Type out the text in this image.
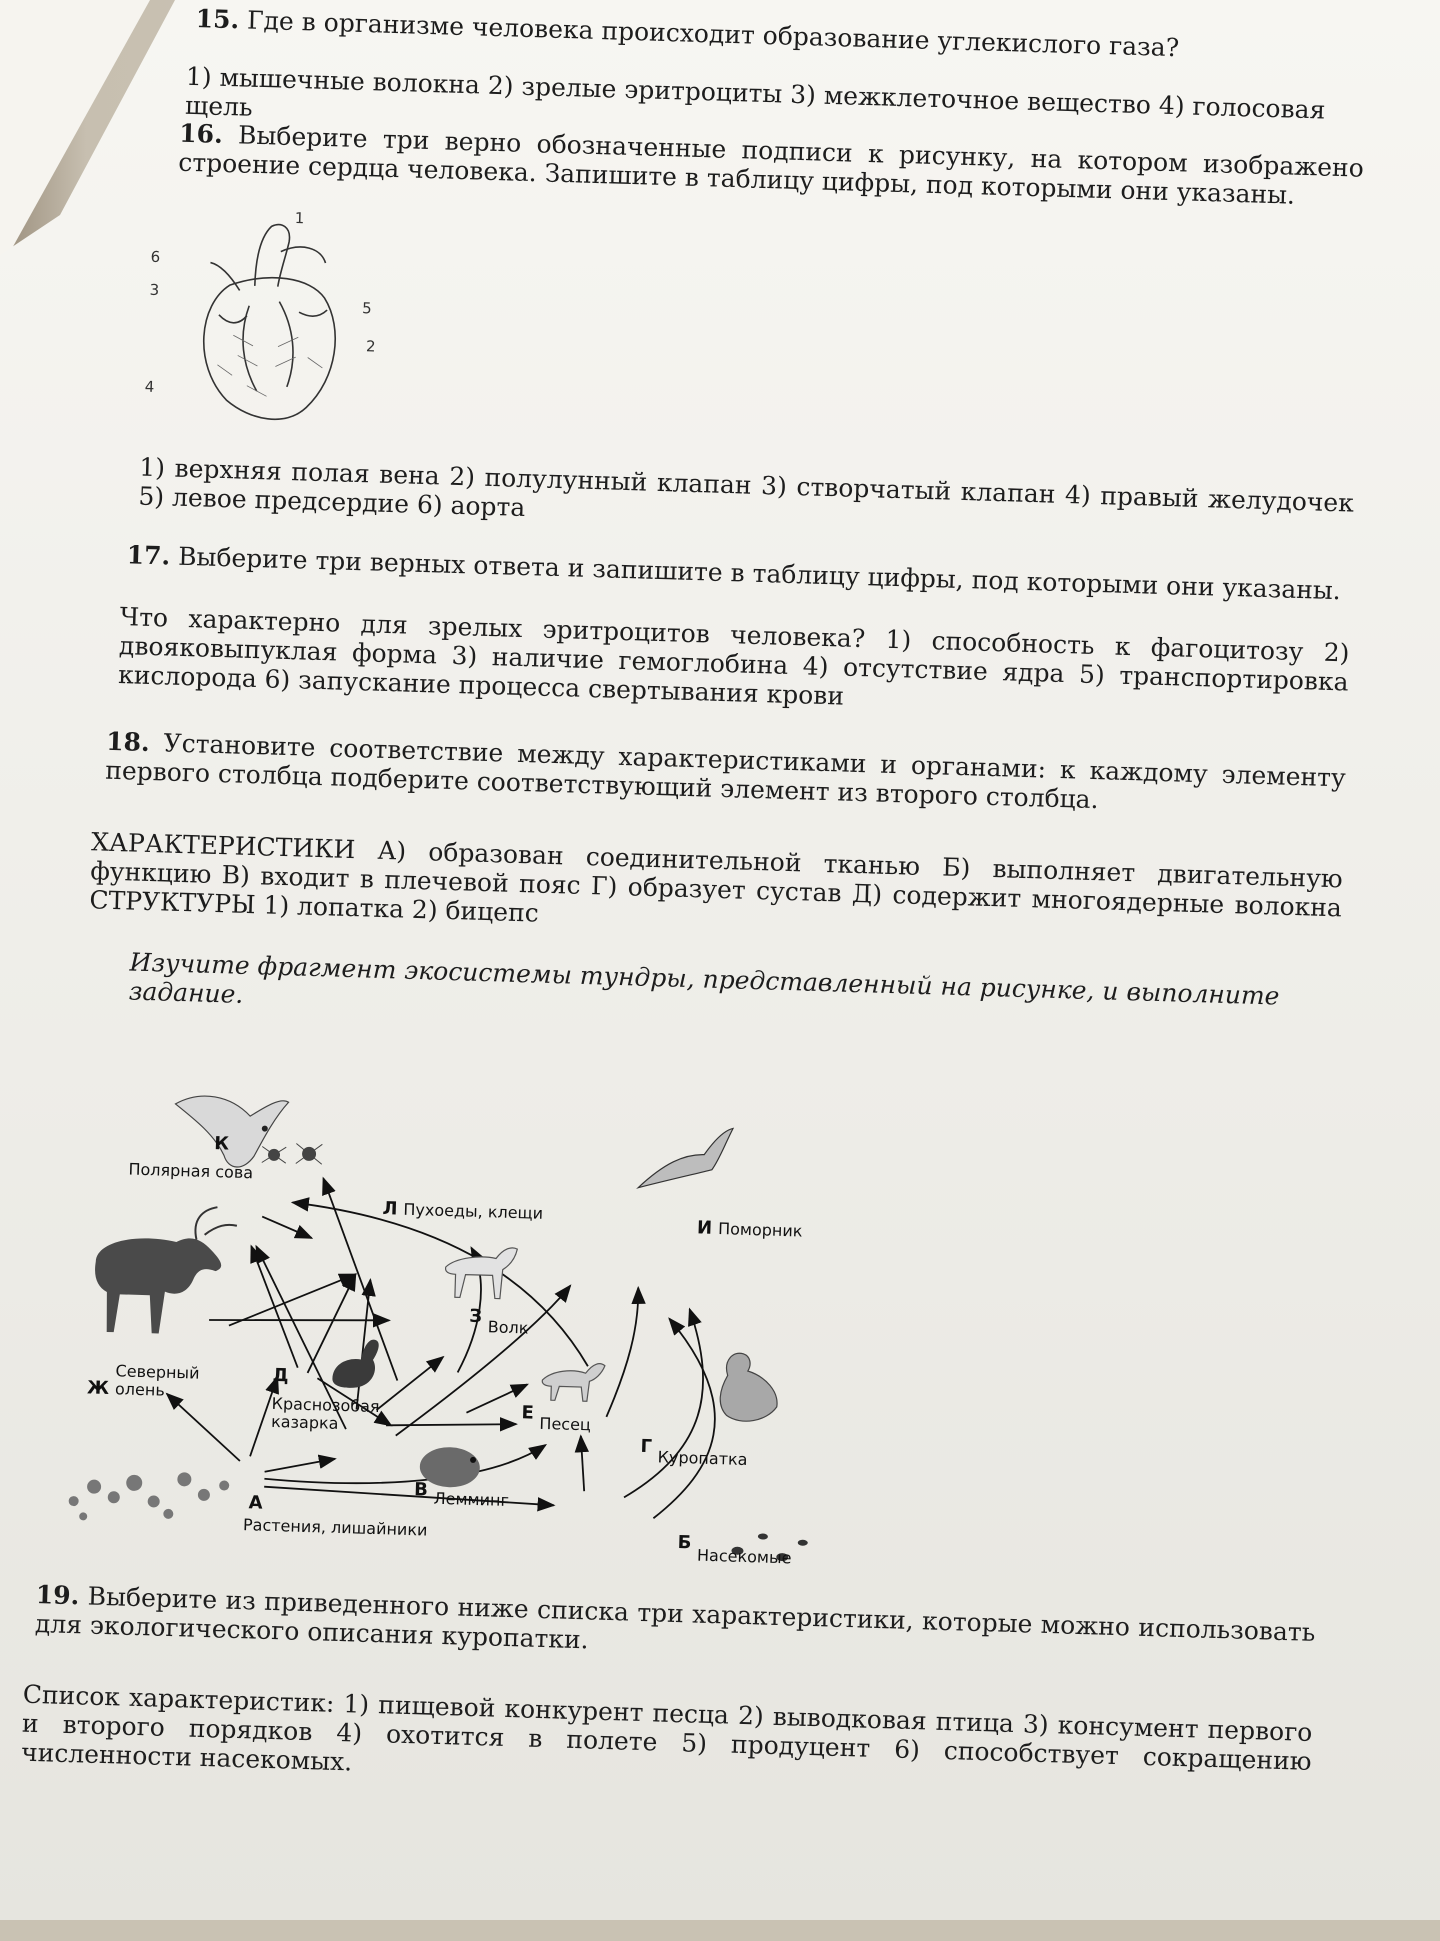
15. Где в организме человека происходит образование углекислого газа?
1) мышечные волокна 2) зрелые эритроциты 3) межклеточное вещество 4) голосовая щель
16. Выберите три верно обозначенные подписи к рисунку, на котором изображено строение сердца человека. Запишите в таблицу цифры, под которыми они указаны.
1
2
3
4
5
6
1) верхняя полая вена 2) полулунный клапан 3) створчатый клапан 4) правый желудочек 5) левое предсердие 6) аорта
17. Выберите три верных ответа и запишите в таблицу цифры, под которыми они указаны.
Что характерно для зрелых эритроцитов человека? 1) способность к фагоцитозу 2) двояковыпуклая форма 3) наличие гемоглобина 4) отсутствие ядра 5) транспортировка кислорода 6) запускание процесса свертывания крови
18. Установите соответствие между характеристиками и органами: к каждому элементу первого столбца подберите соответствующий элемент из второго столбца.
ХАРАКТЕРИСТИКИ А) образован соединительной тканью Б) выполняет двигательную функцию В) входит в плечевой пояс Г) образует сустав Д) содержит многоядерные волокна СТРУКТУРЫ 1) лопатка 2) бицепс
Изучите фрагмент экосистемы тундры, представленный на рисунке, и выполните задание.
К
Полярная сова
Л Пухоеды, клещи
И Поморник
ЗВолк
ЖСеверный олень
Д
Краснозобая казарка	ЕПесец
ГКуропатка
В Лемминг
А
Растения, лишайники
БНасекомые
19. Выберите из приведенного ниже списка три характеристики, которые можно использовать для экологического описания куропатки.
Список характеристик: 1) пищевой конкурент песца 2) выводковая птица 3) консумент первого и второго порядков 4) охотится в полете 5) продуцент 6) способствует сокращению численности насекомых.
